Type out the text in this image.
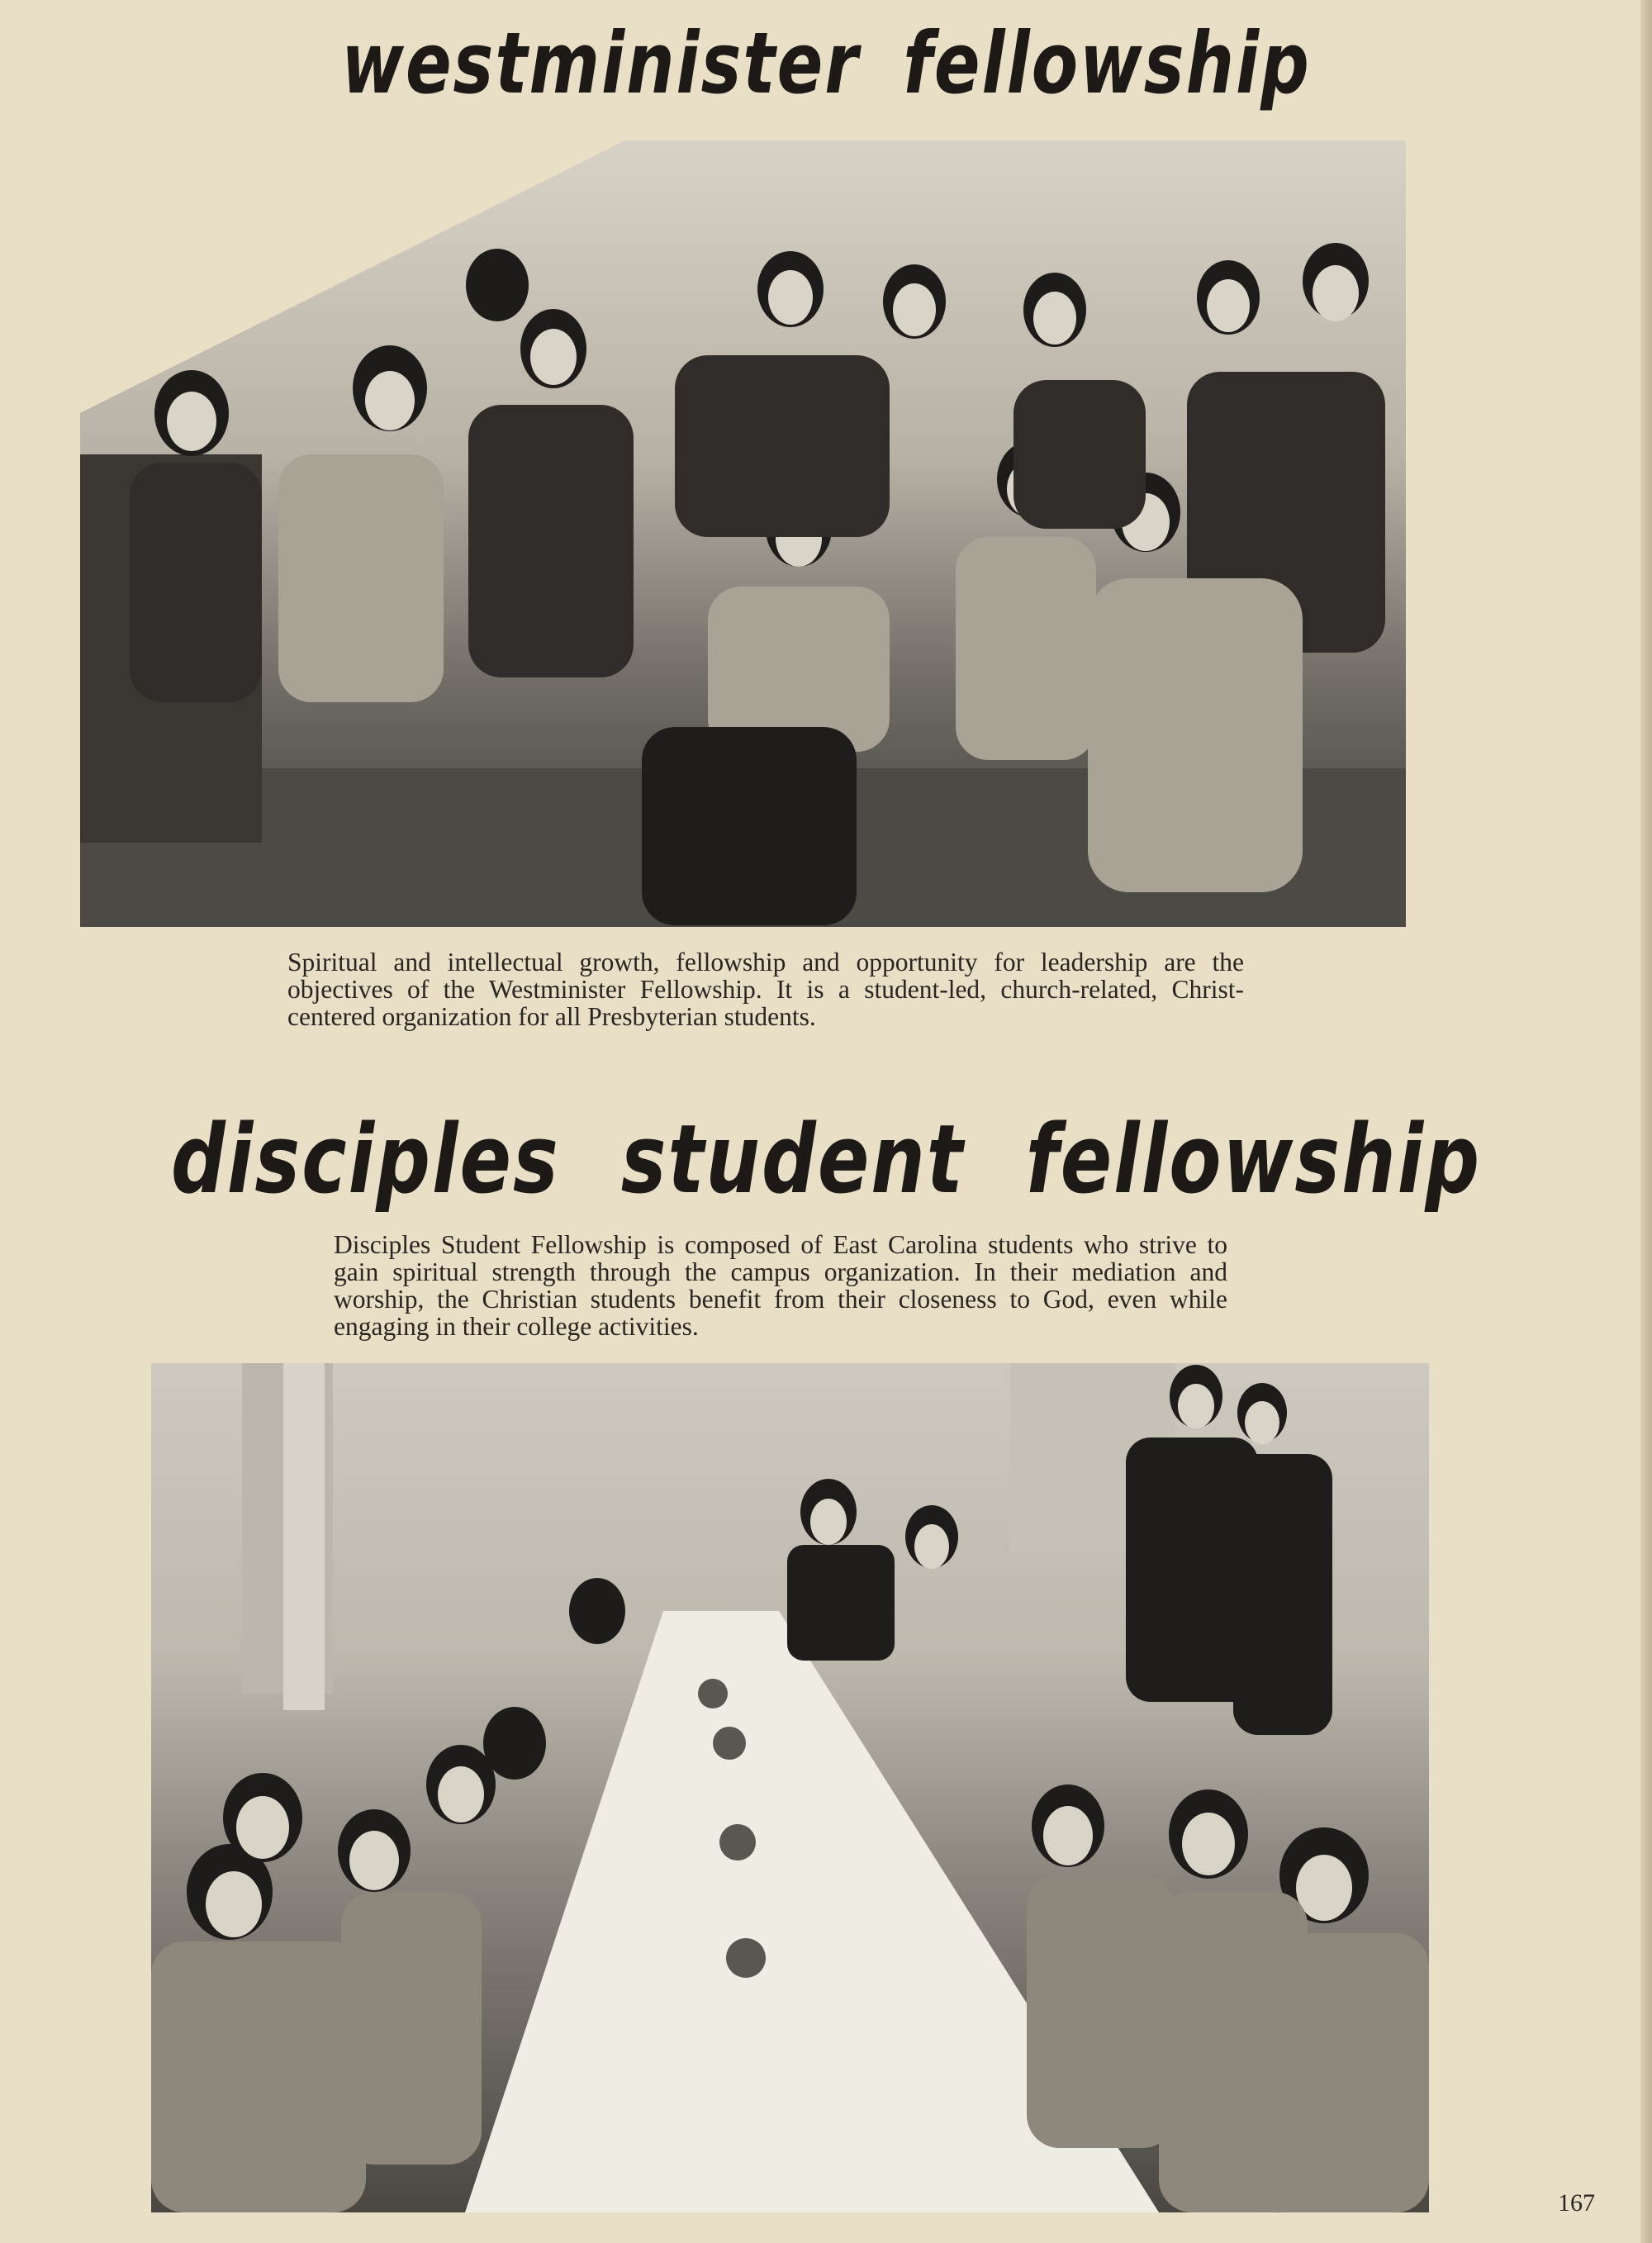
westminister fellowship
Spiritual and intellectual growth, fellowship and opportunity for leadership are the objectives of the Westminister Fellowship. It is a student-led, church-related, Christ-centered organization for all Presbyterian students.
disciples student fellowship
Disciples Student Fellowship is composed of East Carolina students who strive to gain spiritual strength through the campus organization. In their mediation and worship, the Christian students benefit from their closeness to God, even while engaging in their college activities.
167
